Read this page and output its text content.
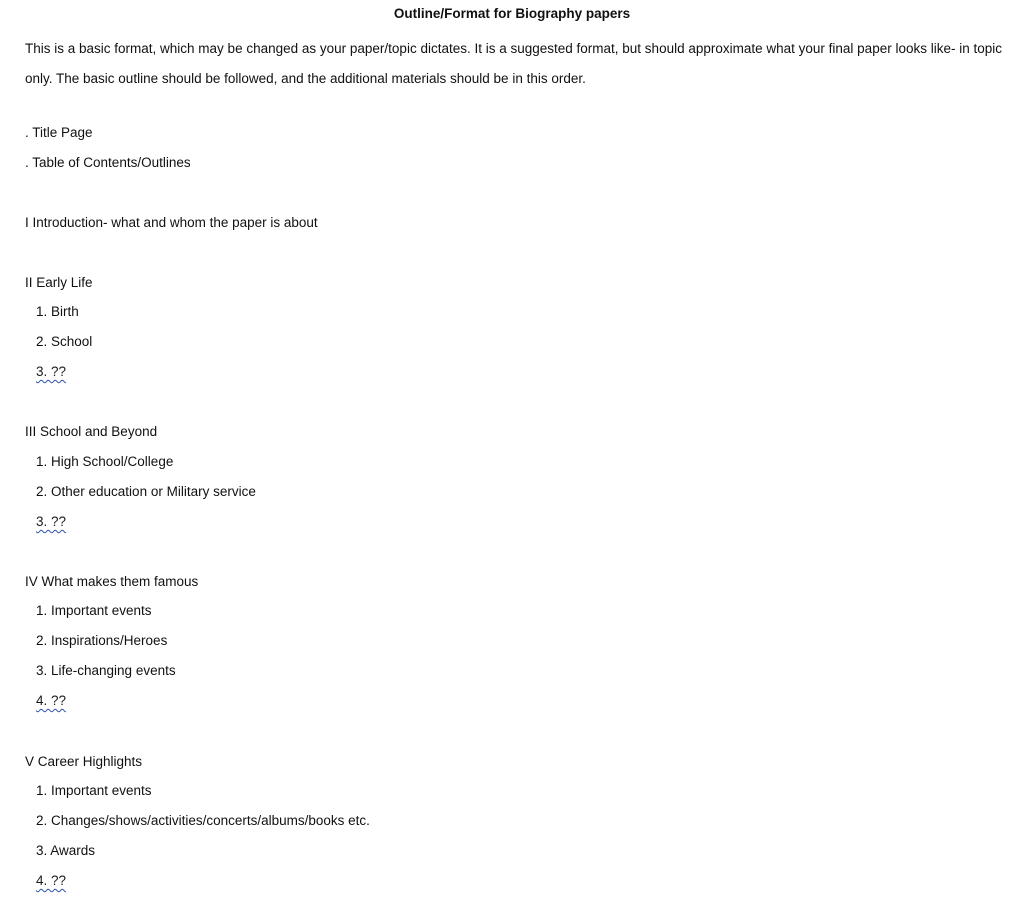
Outline/Format for Biography papers
This is a basic format, which may be changed as your paper/topic dictates. It is a suggested format, but should approximate what your final paper looks like- in topic only. The basic outline should be followed, and the additional materials should be in this order.
. Title Page
. Table of Contents/Outlines
I Introduction- what and whom the paper is about
II Early Life
1. Birth
2. School
3. ??
III School and Beyond
1. High School/College
2. Other education or Military service
3. ??
IV What makes them famous
1. Important events
2. Inspirations/Heroes
3. Life-changing events
4. ??
V Career Highlights
1. Important events
2. Changes/shows/activities/concerts/albums/books etc.
3. Awards
4. ??
